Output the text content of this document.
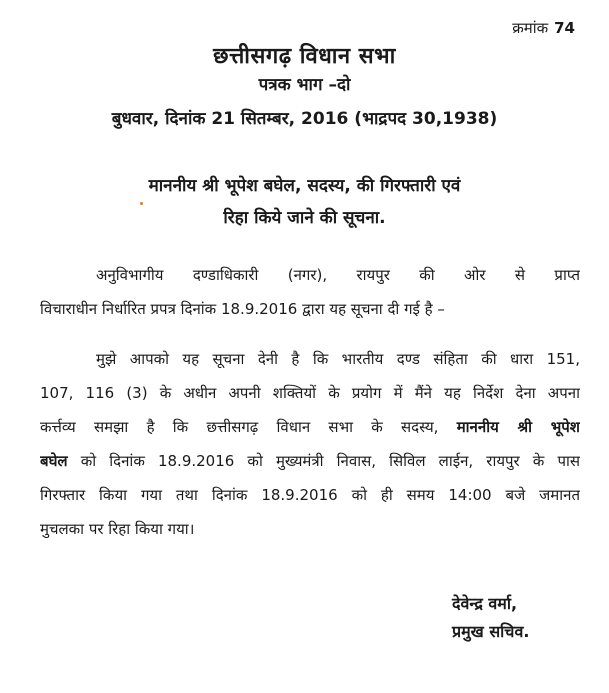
क्रमांक 74
छत्तीसगढ़ विधान सभा
पत्रक भाग –दो
बुधवार, दिनांक 21 सितम्बर, 2016 (भाद्रपद 30,1938)
माननीय श्री भूपेश बघेल, सदस्य, की गिरफ्तारी एवं
रिहा किये जाने की सूचना.
अनुविभागीय दण्डाधिकारी (नगर), रायपुर की ओर से प्राप्त
विचाराधीन निर्धारित प्रपत्र दिनांक 18.9.2016 द्वारा यह सूचना दी गई है –
मुझे आपको यह सूचना देनी है कि भारतीय दण्ड संहिता की धारा 151,
107, 116 (3) के अधीन अपनी शक्तियों के प्रयोग में मैंने यह निर्देश देना अपना
कर्त्तव्य समझा है कि छत्तीसगढ़ विधान सभा के सदस्य, माननीय श्री भूपेश
बघेल को दिनांक 18.9.2016 को मुख्यमंत्री निवास, सिविल लाईन, रायपुर के पास
गिरफ्तार किया गया तथा दिनांक 18.9.2016 को ही समय 14:00 बजे जमानत
मुचलका पर रिहा किया गया।
देवेन्द्र वर्मा,
प्रमुख सचिव.
